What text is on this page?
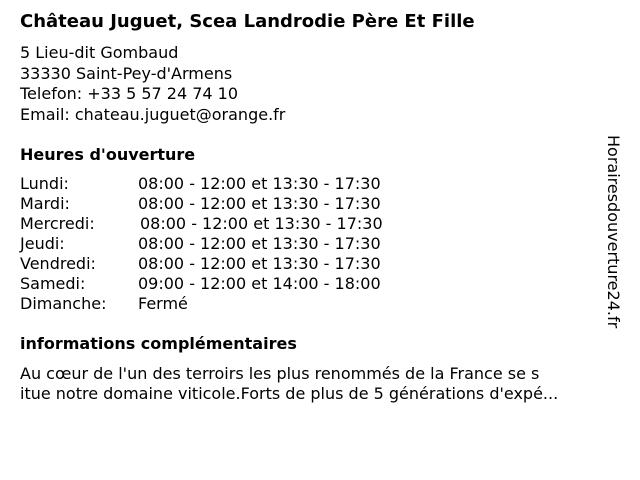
Château Juguet, Scea Landrodie Père Et Fille
5 Lieu-dit Gombaud
33330 Saint-Pey-d'Armens
Telefon: +33 5 57 24 74 10
Email: chateau.juguet@orange.fr
Heures d'ouverture
Lundi:	08:00 - 12:00 et 13:30 - 17:30
Mardi:	08:00 - 12:00 et 13:30 - 17:30
Mercredi:	08:00 - 12:00 et 13:30 - 17:30
Jeudi:	08:00 - 12:00 et 13:30 - 17:30
Vendredi:	08:00 - 12:00 et 13:30 - 17:30
Samedi:	09:00 - 12:00 et 14:00 - 18:00
Dimanche: Fermé
informations complémentaires
Au cœur de l'un des terroirs les plus renommés de la France se s
itue notre domaine viticole.Forts de plus de 5 générations d'expé...
Horairesdouverture24.fr
